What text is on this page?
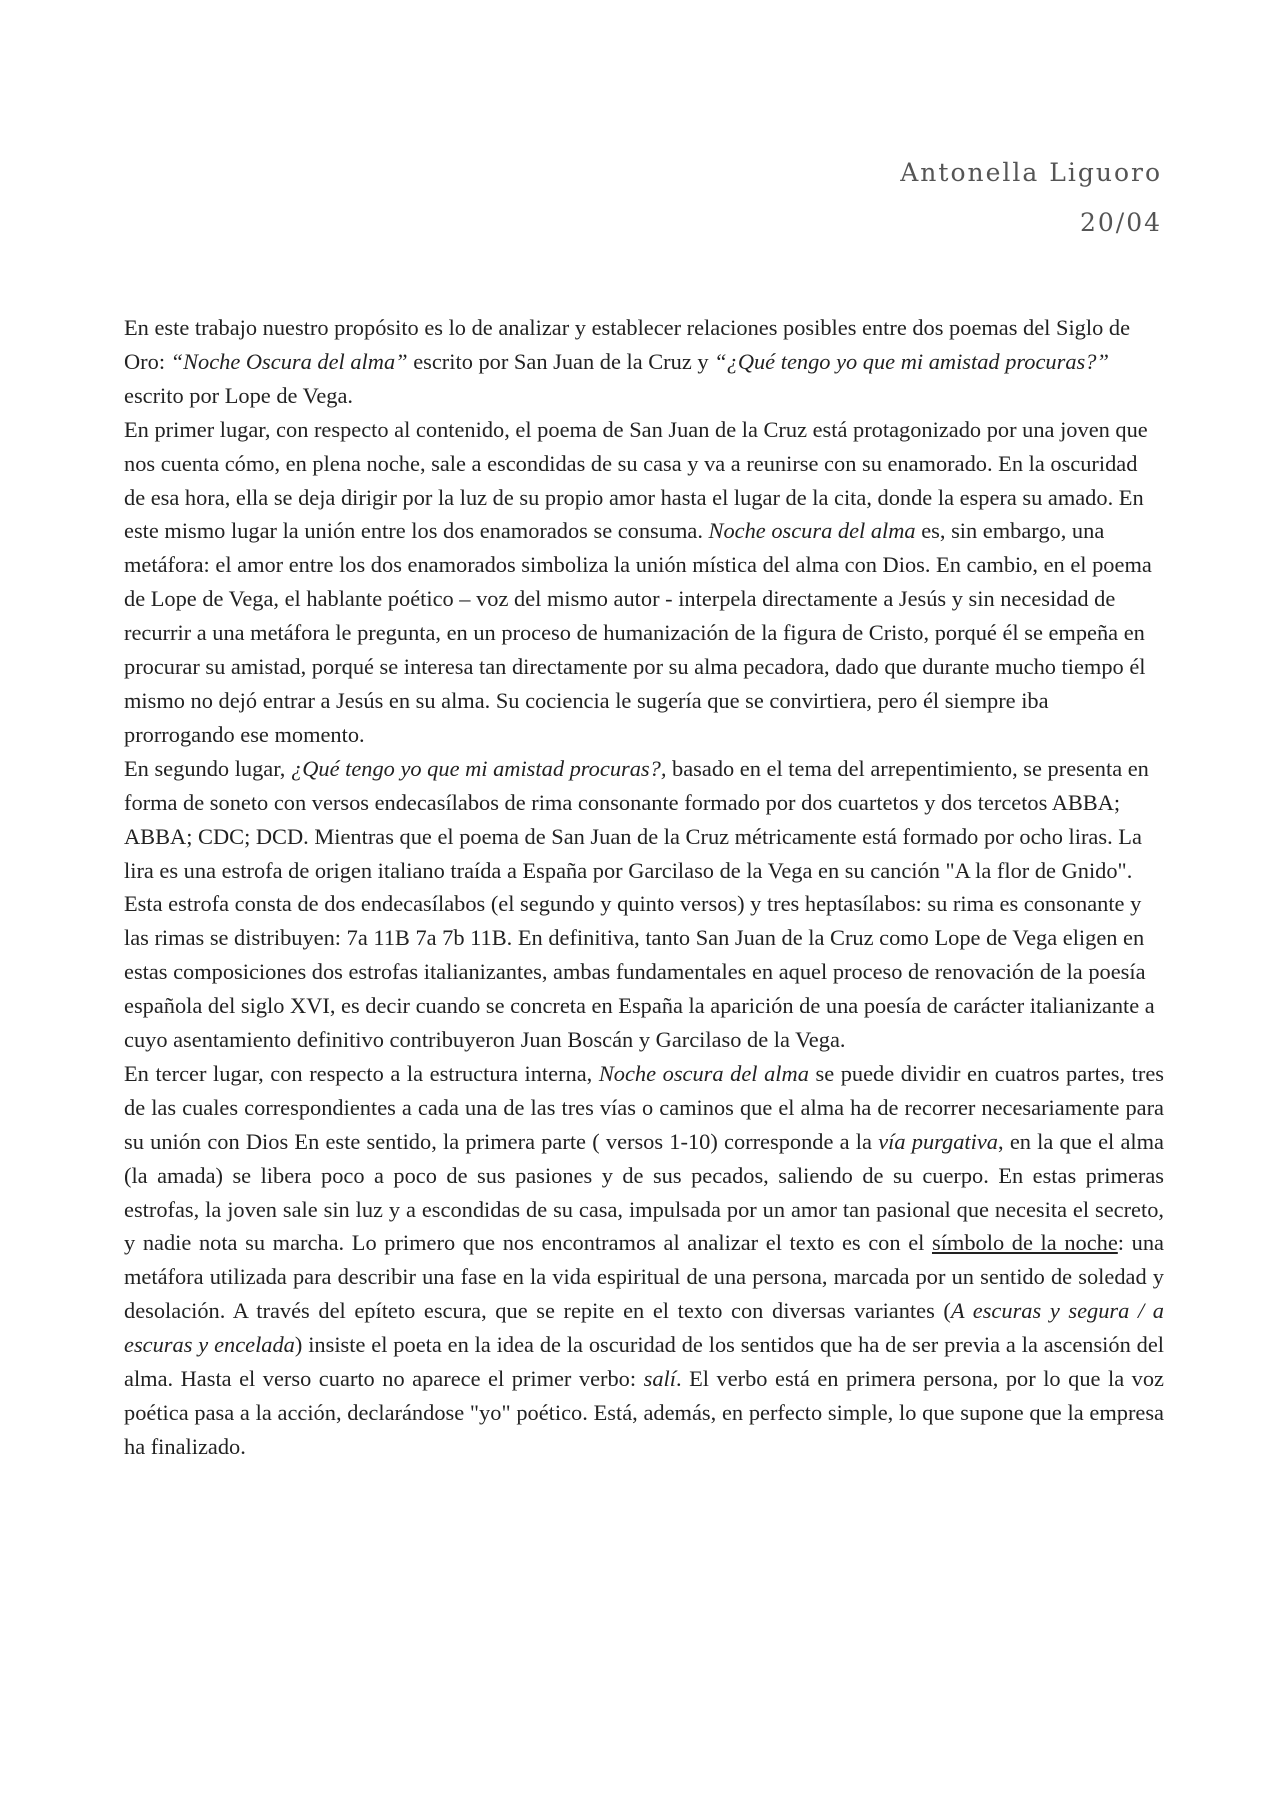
Antonella Liguoro
20/04

En este trabajo nuestro propósito es lo de analizar y establecer relaciones posibles entre dos poemas del Siglo de Oro: “Noche Oscura del alma” escrito por San Juan de la Cruz y “¿Qué tengo yo que mi amistad procuras?” escrito por Lope de Vega.

En primer lugar, con respecto al contenido, el poema de San Juan de la Cruz está protagonizado por una joven que nos cuenta cómo, en plena noche, sale a escondidas de su casa y va a reunirse con su enamorado. En la oscuridad de esa hora, ella se deja dirigir por la luz de su propio amor hasta el lugar de la cita, donde la espera su amado. En este mismo lugar la unión entre los dos enamorados se consuma. Noche oscura del alma es, sin embargo, una metáfora: el amor entre los dos enamorados simboliza la unión mística del alma con Dios. En cambio, en el poema de Lope de Vega, el hablante poético – voz del mismo autor - interpela directamente a Jesús y sin necesidad de recurrir a una metáfora le pregunta, en un proceso de humanización de la figura de Cristo, porqué él se empeña en procurar su amistad, porqué se interesa tan directamente por su alma pecadora, dado que durante mucho tiempo él mismo no dejó entrar a Jesús en su alma. Su cociencia le sugería que se convirtiera, pero él siempre iba prorrogando ese momento.

En segundo lugar, ¿Qué tengo yo que mi amistad procuras?, basado en el tema del arrepentimiento, se presenta en forma de soneto con versos endecasílabos de rima consonante formado por dos cuartetos y dos tercetos ABBA; ABBA; CDC; DCD. Mientras que el poema de San Juan de la Cruz métricamente está formado por ocho liras. La lira es una estrofa de origen italiano traída a España por Garcilaso de la Vega en su canción "A la flor de Gnido". Esta estrofa consta de dos endecasílabos (el segundo y quinto versos) y tres heptasílabos: su rima es consonante y las rimas se distribuyen: 7a 11B 7a 7b 11B. En definitiva, tanto San Juan de la Cruz como Lope de Vega eligen en estas composiciones dos estrofas italianizantes, ambas fundamentales en aquel proceso de renovación de la poesía española del siglo XVI, es decir cuando se concreta en España la aparición de una poesía de carácter italianizante a cuyo asentamiento definitivo contribuyeron Juan Boscán y Garcilaso de la Vega.

En tercer lugar, con respecto a la estructura interna, Noche oscura del alma se puede dividir en cuatros partes, tres de las cuales correspondientes a cada una de las tres vías o caminos que el alma ha de recorrer necesariamente para su unión con Dios En este sentido, la primera parte ( versos 1-10) corresponde a la vía purgativa, en la que el alma (la amada) se libera poco a poco de sus pasiones y de sus pecados, saliendo de su cuerpo. En estas primeras estrofas, la joven sale sin luz y a escondidas de su casa, impulsada por un amor tan pasional que necesita el secreto, y nadie nota su marcha. Lo primero que nos encontramos al analizar el texto es con el símbolo de la noche: una metáfora utilizada para describir una fase en la vida espiritual de una persona, marcada por un sentido de soledad y desolación. A través del epíteto escura, que se repite en el texto con diversas variantes (A escuras y segura / a escuras y encelada) insiste el poeta en la idea de la oscuridad de los sentidos que ha de ser previa a la ascensión del alma. Hasta el verso cuarto no aparece el primer verbo: salí. El verbo está en primera persona, por lo que la voz poética pasa a la acción, declarándose "yo" poético. Está, además, en perfecto simple, lo que supone que la empresa ha finalizado.
